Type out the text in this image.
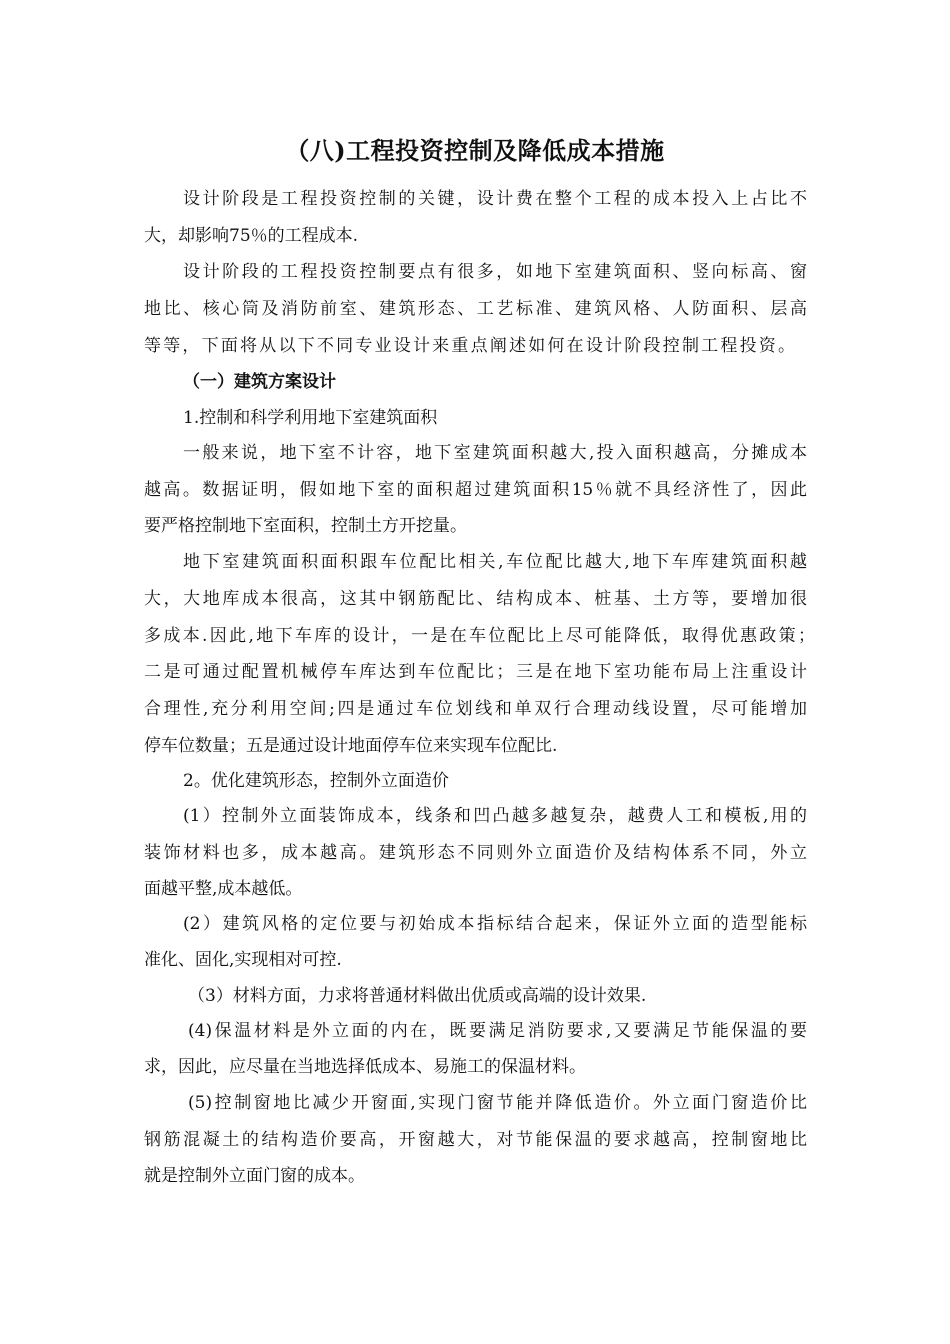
（八)工程投资控制及降低成本措施
设计阶段是工程投资控制的关键，设计费在整个工程的成本投入上占比不
大，却影响75％的工程成本.
设计阶段的工程投资控制要点有很多，如地下室建筑面积、竖向标高、窗
地比、核心筒及消防前室、建筑形态、工艺标准、建筑风格、人防面积、层高
等等，下面将从以下不同专业设计来重点阐述如何在设计阶段控制工程投资。
（一）建筑方案设计
1.控制和科学利用地下室建筑面积
一般来说，地下室不计容，地下室建筑面积越大,投入面积越高，分摊成本
越高。数据证明，假如地下室的面积超过建筑面积15％就不具经济性了，因此
要严格控制地下室面积，控制土方开挖量。
地下室建筑面积面积跟车位配比相关,车位配比越大,地下车库建筑面积越
大，大地库成本很高，这其中钢筋配比、结构成本、桩基、土方等，要增加很
多成本.因此,地下车库的设计，一是在车位配比上尽可能降低，取得优惠政策；
二是可通过配置机械停车库达到车位配比；三是在地下室功能布局上注重设计
合理性,充分利用空间;四是通过车位划线和单双行合理动线设置，尽可能增加
停车位数量；五是通过设计地面停车位来实现车位配比.
2。优化建筑形态，控制外立面造价
(1）控制外立面装饰成本，线条和凹凸越多越复杂，越费人工和模板,用的
装饰材料也多，成本越高。建筑形态不同则外立面造价及结构体系不同，外立
面越平整,成本越低。
(2）建筑风格的定位要与初始成本指标结合起来，保证外立面的造型能标
准化、固化,实现相对可控.
（3）材料方面，力求将普通材料做出优质或高端的设计效果.
(4)保温材料是外立面的内在，既要满足消防要求,又要满足节能保温的要
求，因此，应尽量在当地选择低成本、易施工的保温材料。
(5)控制窗地比减少开窗面,实现门窗节能并降低造价。外立面门窗造价比
钢筋混凝土的结构造价要高，开窗越大，对节能保温的要求越高，控制窗地比
就是控制外立面门窗的成本。
